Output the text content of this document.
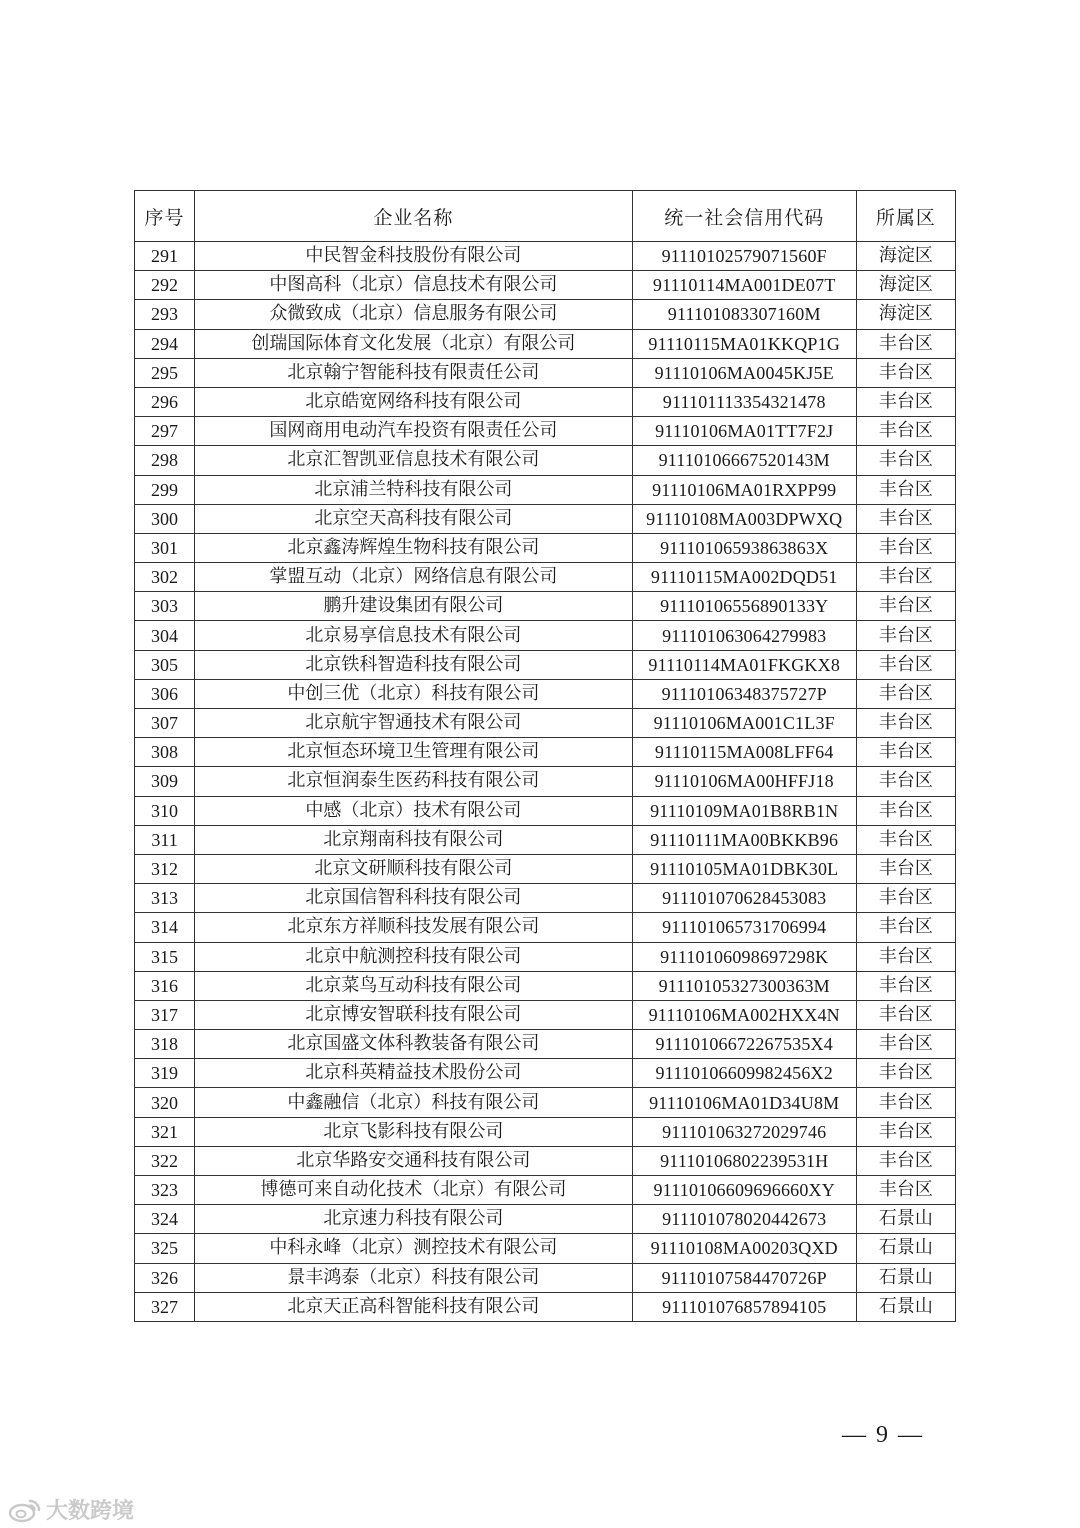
序号	企业名称	统一社会信用代码	所属区
291	中民智金科技股份有限公司	91110102579071560F	海淀区
292	中图高科（北京）信息技术有限公司	91110114MA001DE07T	海淀区
293	众微致成（北京）信息服务有限公司	911101083307160M	海淀区
294	创瑞国际体育文化发展（北京）有限公司	91110115MA01KKQP1G	丰台区
295	北京翰宁智能科技有限责任公司	91110106MA0045KJ5E	丰台区
296	北京皓宽网络科技有限公司	911101113354321478	丰台区
297	国网商用电动汽车投资有限责任公司	91110106MA01TT7F2J	丰台区
298	北京汇智凯亚信息技术有限公司	91110106667520143M	丰台区
299	北京浦兰特科技有限公司	91110106MA01RXPP99	丰台区
300	北京空天高科技有限公司	91110108MA003DPWXQ	丰台区
301	北京鑫涛辉煌生物科技有限公司	91110106593863863X	丰台区
302	掌盟互动（北京）网络信息有限公司	91110115MA002DQD51	丰台区
303	鹏升建设集团有限公司	91110106556890133Y	丰台区
304	北京易享信息技术有限公司	911101063064279983	丰台区
305	北京铁科智造科技有限公司	91110114MA01FKGKX8	丰台区
306	中创三优（北京）科技有限公司	91110106348375727P	丰台区
307	北京航宇智通技术有限公司	91110106MA001C1L3F	丰台区
308	北京恒态环境卫生管理有限公司	91110115MA008LFF64	丰台区
309	北京恒润泰生医药科技有限公司	91110106MA00HFFJ18	丰台区
310	中感（北京）技术有限公司	91110109MA01B8RB1N	丰台区
311	北京翔南科技有限公司	91110111MA00BKKB96	丰台区
312	北京文研顺科技有限公司	91110105MA01DBK30L	丰台区
313	北京国信智科科技有限公司	911101070628453083	丰台区
314	北京东方祥顺科技发展有限公司	911101065731706994	丰台区
315	北京中航测控科技有限公司	91110106098697298K	丰台区
316	北京菜鸟互动科技有限公司	91110105327300363M	丰台区
317	北京博安智联科技有限公司	91110106MA002HXX4N	丰台区
318	北京国盛文体科教装备有限公司	91110106672267535X4	丰台区
319	北京科英精益技术股份公司	91110106609982456X2	丰台区
320	中鑫融信（北京）科技有限公司	91110106MA01D34U8M	丰台区
321	北京飞影科技有限公司	911101063272029746	丰台区
322	北京华路安交通科技有限公司	91110106802239531H	丰台区
323	博德可来自动化技术（北京）有限公司	91110106609696660XY	丰台区
324	北京速力科技有限公司	911101078020442673	石景山
325	中科永峰（北京）测控技术有限公司	91110108MA00203QXD	石景山
326	景丰鸿泰（北京）科技有限公司	91110107584470726P	石景山
327	北京天正高科智能科技有限公司	911101076857894105	石景山
— 9 —
大数跨境
